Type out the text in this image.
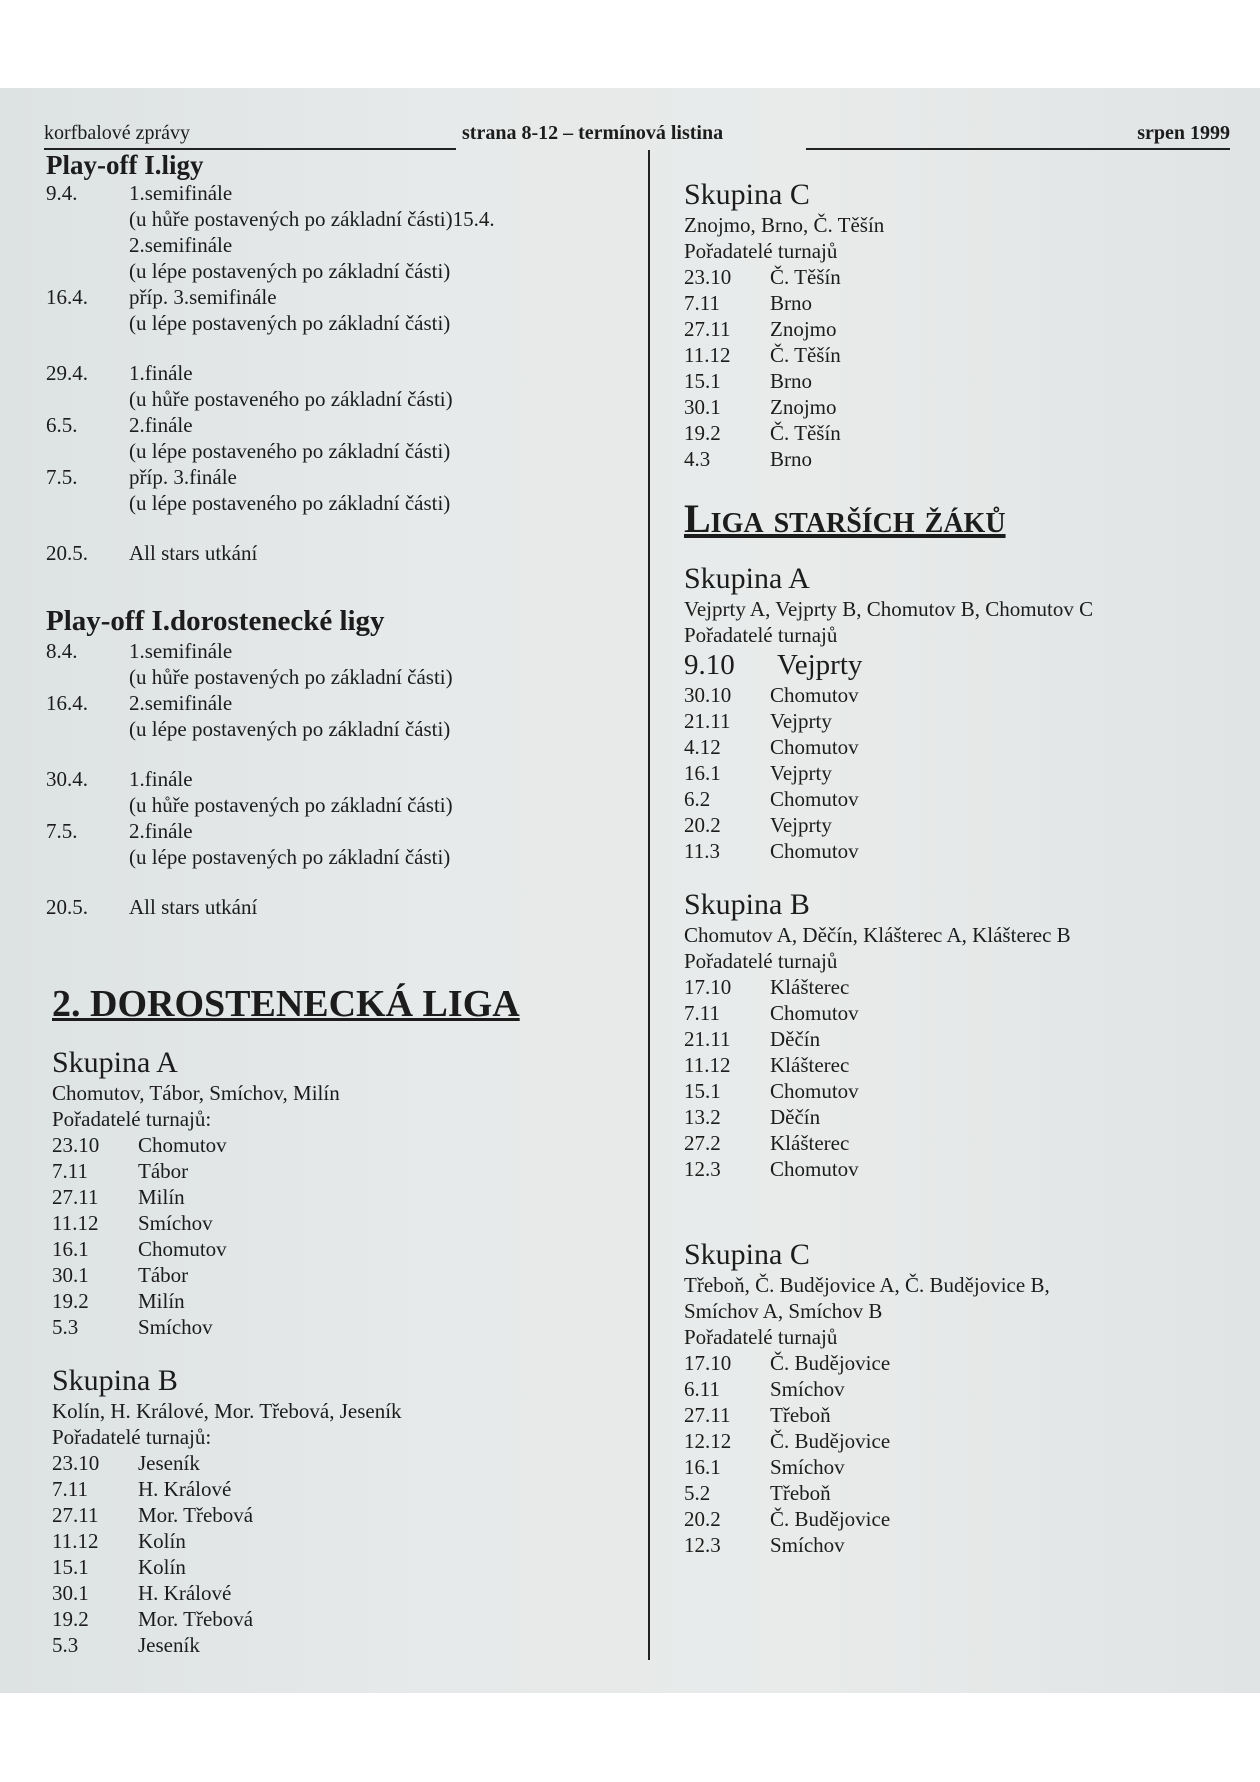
korfbalové zprávy	strana 8-12 – termínová listina	srpen 1999
Play-off I.ligy
9.4.	1.semifinále
(u hůře postavených po základní části)15.4.
2.semifinále
(u lépe postavených po základní části)
16.4.	příp. 3.semifinále
(u lépe postavených po základní části)
29.4.	1.finále
(u hůře postaveného po základní části)
6.5.	2.finále
(u lépe postaveného po základní části)
7.5.	příp. 3.finále
(u lépe postaveného po základní části)
20.5.	All stars utkání
Play-off I.dorostenecké ligy
8.4.	1.semifinále
(u hůře postavených po základní části)
16.4.	2.semifinále
(u lépe postavených po základní části)
30.4.	1.finále
(u hůře postavených po základní části)
7.5.	2.finále
(u lépe postavených po základní části)
20.5.	All stars utkání
2. DOROSTENECKÁ LIGA
Skupina A
Chomutov, Tábor, Smíchov, Milín
Pořadatelé turnajů:
23.10	Chomutov
7.11	Tábor
27.11	Milín
11.12	Smíchov
16.1	Chomutov
30.1	Tábor
19.2	Milín
5.3	Smíchov
Skupina B
Kolín, H. Králové, Mor. Třebová, Jeseník
Pořadatelé turnajů:
23.10	Jeseník
7.11	H. Králové
27.11	Mor. Třebová
11.12	Kolín
15.1	Kolín
30.1	H. Králové
19.2	Mor. Třebová
5.3	Jeseník
Skupina C
Znojmo, Brno, Č. Těšín
Pořadatelé turnajů
23.10	Č. Těšín
7.11	Brno
27.11	Znojmo
11.12	Č. Těšín
15.1	Brno
30.1	Znojmo
19.2	Č. Těšín
4.3	Brno
Liga starších žáků
Skupina A
Vejprty A, Vejprty B, Chomutov B, Chomutov C
Pořadatelé turnajů
9.10	Vejprty
30.10	Chomutov
21.11	Vejprty
4.12	Chomutov
16.1	Vejprty
6.2	Chomutov
20.2	Vejprty
11.3	Chomutov
Skupina B
Chomutov A, Děčín, Klášterec A, Klášterec B
Pořadatelé turnajů
17.10	Klášterec
7.11	Chomutov
21.11	Děčín
11.12	Klášterec
15.1	Chomutov
13.2	Děčín
27.2	Klášterec
12.3	Chomutov
Skupina C
Třeboň, Č. Budějovice A, Č. Budějovice B,
Smíchov A, Smíchov B
Pořadatelé turnajů
17.10	Č. Budějovice
6.11	Smíchov
27.11	Třeboň
12.12	Č. Budějovice
16.1	Smíchov
5.2	Třeboň
20.2	Č. Budějovice
12.3	Smíchov
